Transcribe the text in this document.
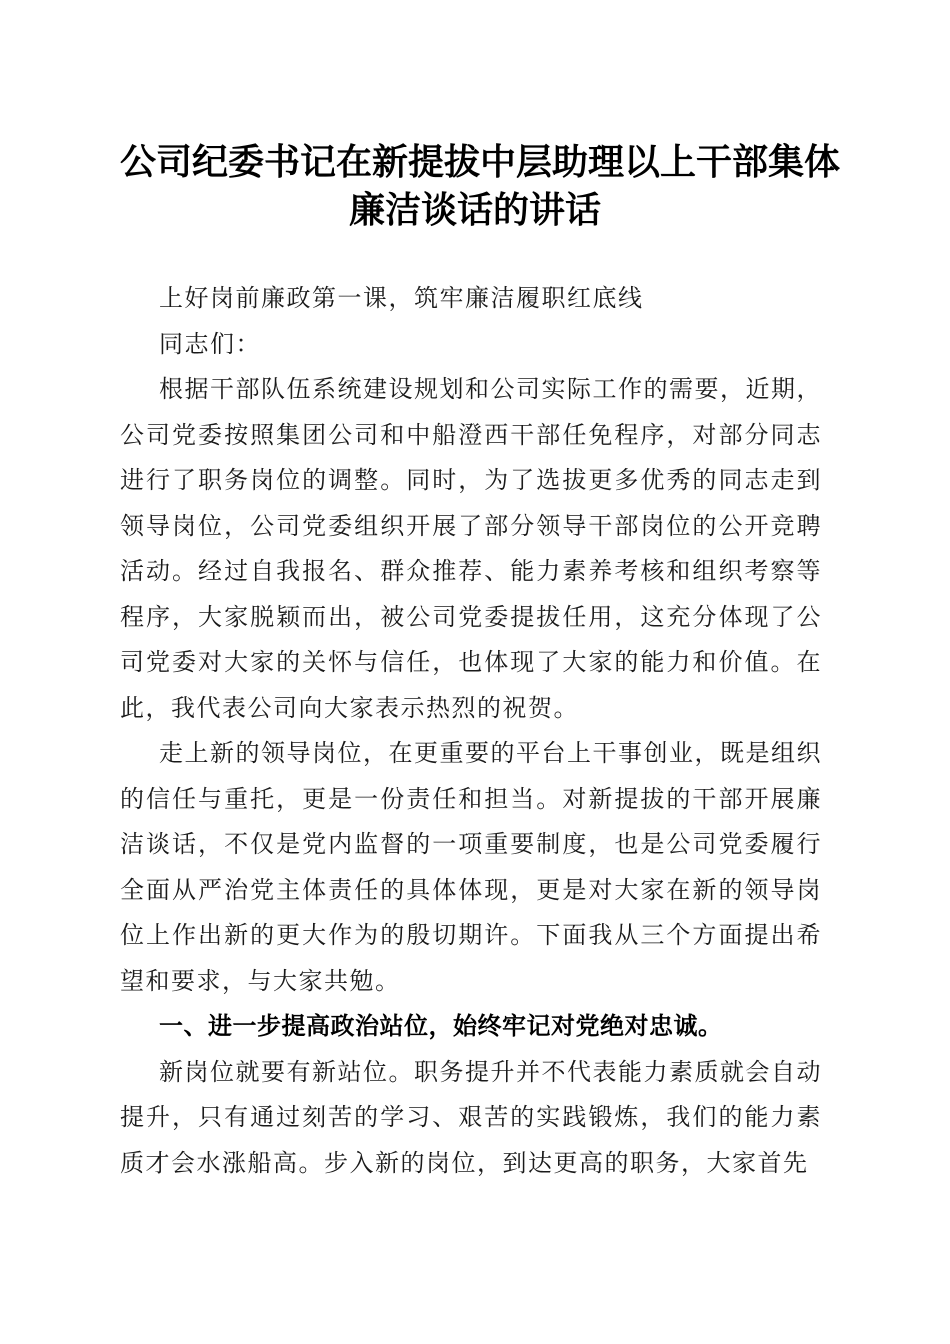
公司纪委书记在新提拔中层助理以上干部集体
廉洁谈话的讲话

上好岗前廉政第一课，筑牢廉洁履职红底线

同志们：

根据干部队伍系统建设规划和公司实际工作的需要，近期，公司党委按照集团公司和中船澄西干部任免程序，对部分同志进行了职务岗位的调整。同时，为了选拔更多优秀的同志走到领导岗位，公司党委组织开展了部分领导干部岗位的公开竞聘活动。经过自我报名、群众推荐、能力素养考核和组织考察等程序，大家脱颖而出，被公司党委提拔任用，这充分体现了公司党委对大家的关怀与信任，也体现了大家的能力和价值。在此，我代表公司向大家表示热烈的祝贺。

走上新的领导岗位，在更重要的平台上干事创业，既是组织的信任与重托，更是一份责任和担当。对新提拔的干部开展廉洁谈话，不仅是党内监督的一项重要制度，也是公司党委履行全面从严治党主体责任的具体体现，更是对大家在新的领导岗位上作出新的更大作为的殷切期许。下面我从三个方面提出希望和要求，与大家共勉。

一、进一步提高政治站位，始终牢记对党绝对忠诚。

新岗位就要有新站位。职务提升并不代表能力素质就会自动提升，只有通过刻苦的学习、艰苦的实践锻炼，我们的能力素质才会水涨船高。步入新的岗位，到达更高的职务，大家首先
